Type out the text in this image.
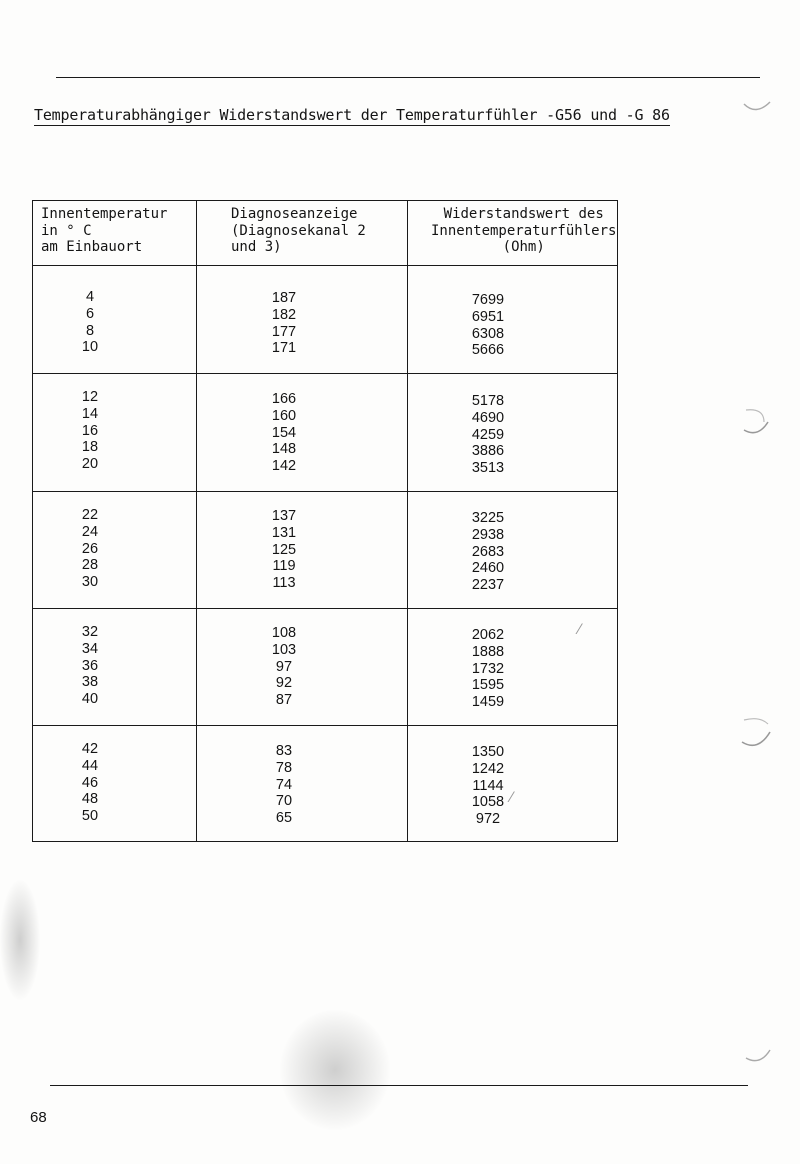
Temperaturabhängiger Widerstandswert der Temperaturfühler -G56 und -G 86
Innentemperatur
in ° C
am Einbauort
Diagnoseanzeige
(Diagnosekanal 2
und 3)
Widerstandswert des
Innentemperaturfühlers
(Ohm)
4
6
8
10
187
182
177
171
7699
6951
6308
5666
12
14
16
18
20
166
160
154
148
142
5178
4690
4259
3886
3513
22
24
26
28
30
137
131
125
119
113
3225
2938
2683
2460
2237
32
34
36
38
40
108
103
97
92
87
2062
1888
1732
1595
1459
42
44
46
48
50
83
78
74
70
65
1350
1242
1144
1058
972
⁄
⁄
68
